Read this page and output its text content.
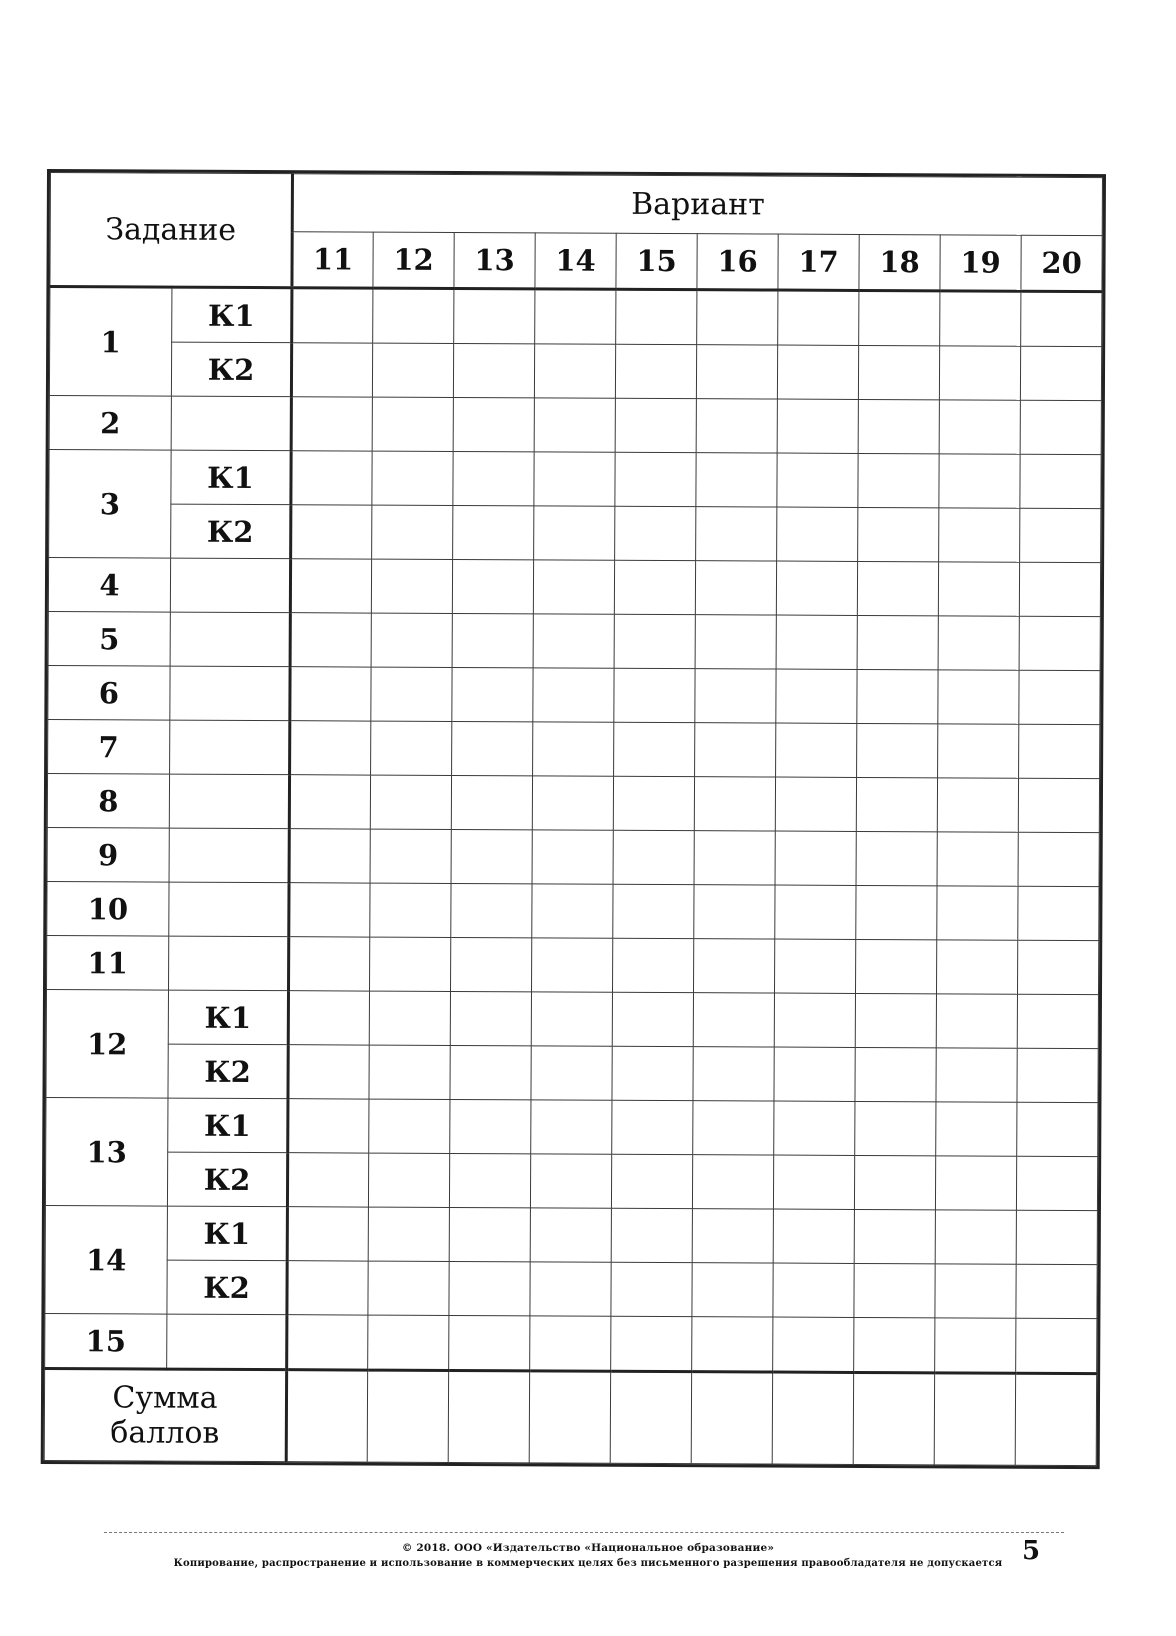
Задание		Вариант									
		11	12	13	14	15	16	17	18	19	20
1	К1										
	К2										
2											
3	К1										
	К2										
4											
5											
6											
7											
8											
9											
10											
11											
12	К1										
	К2										
13	К1										
	К2										
14	К1										
	К2										
15											

Сумма
баллов											

© 2018. ООО «Издательство «Национальное образование»
Копирование, распространение и использование в коммерческих целях без письменного разрешения правообладателя не допускается 5
